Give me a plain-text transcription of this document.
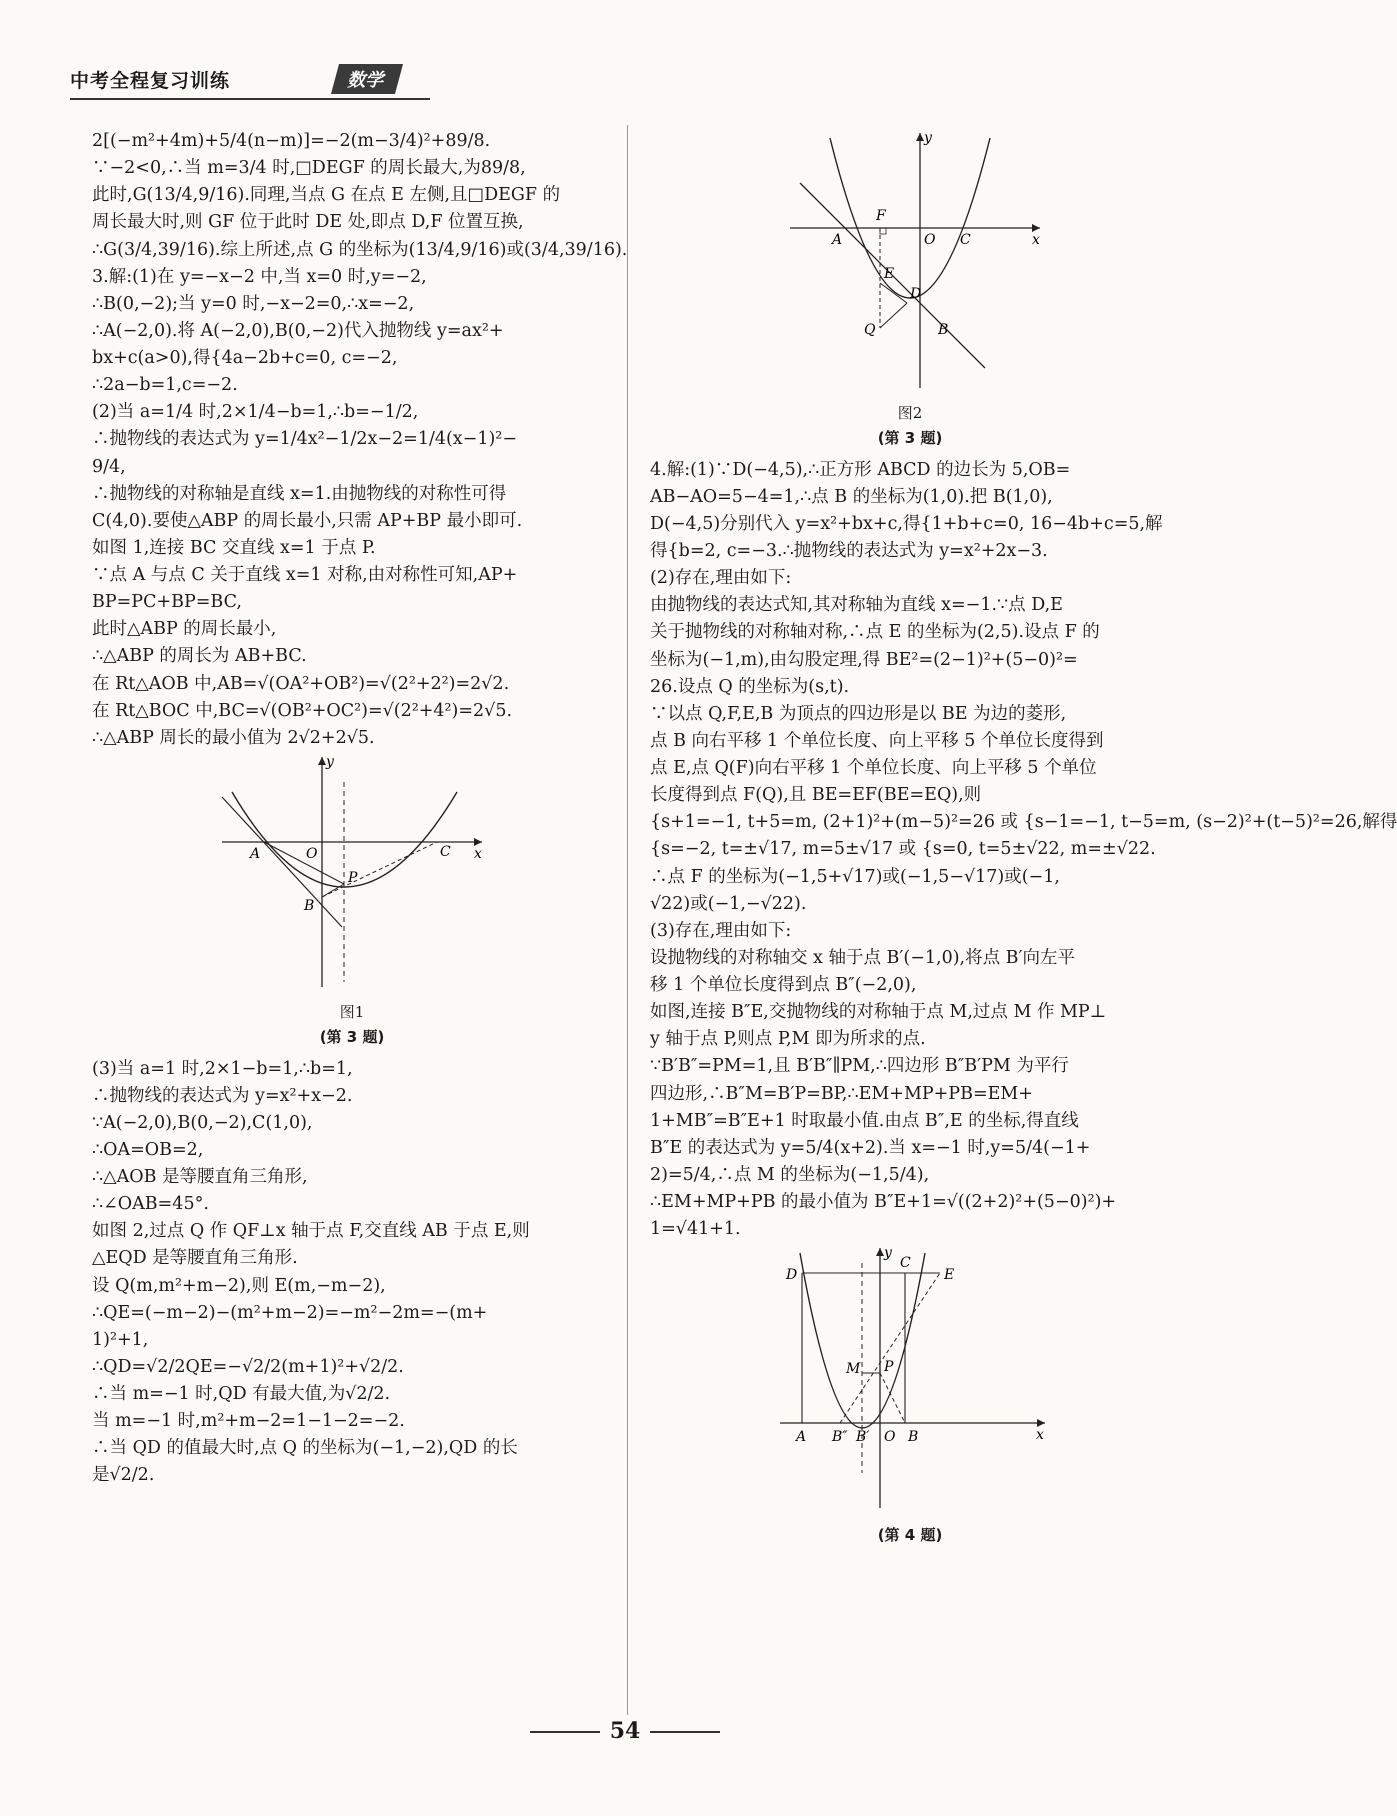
中考全程复习训练	数学
2[(−m²+4m)+5/4(n−m)]=−2(m−3/4)²+89/8.
∵−2<0,∴当 m=3/4 时,□DEGF 的周长最大,为89/8,
此时,G(13/4,9/16).同理,当点 G 在点 E 左侧,且□DEGF 的
周长最大时,则 GF 位于此时 DE 处,即点 D,F 位置互换,
∴G(3/4,39/16).综上所述,点 G 的坐标为(13/4,9/16)或(3/4,39/16).
3.解:(1)在 y=−x−2 中,当 x=0 时,y=−2,
∴B(0,−2);当 y=0 时,−x−2=0,∴x=−2,
∴A(−2,0).将 A(−2,0),B(0,−2)代入抛物线 y=ax²+
bx+c(a>0),得{4a−2b+c=0, c=−2,
∴2a−b=1,c=−2.
(2)当 a=1/4 时,2×1/4−b=1,∴b=−1/2,
∴抛物线的表达式为 y=1/4x²−1/2x−2=1/4(x−1)²−
9/4,
∴抛物线的对称轴是直线 x=1.由抛物线的对称性可得
C(4,0).要使△ABP 的周长最小,只需 AP+BP 最小即可.
如图 1,连接 BC 交直线 x=1 于点 P.
∵点 A 与点 C 关于直线 x=1 对称,由对称性可知,AP+
BP=PC+BP=BC,
此时△ABP 的周长最小,
∴△ABP 的周长为 AB+BC.
在 Rt△AOB 中,AB=√(OA²+OB²)=√(2²+2²)=2√2.
在 Rt△BOC 中,BC=√(OB²+OC²)=√(2²+4²)=2√5.
∴△ABP 周长的最小值为 2√2+2√5.
y
A	O	C x
B
P
图1
(第 3 题)
(3)当 a=1 时,2×1−b=1,∴b=1,
∴抛物线的表达式为 y=x²+x−2.
∵A(−2,0),B(0,−2),C(1,0),
∴OA=OB=2,
∴△AOB 是等腰直角三角形,
∴∠OAB=45°.
如图 2,过点 Q 作 QF⊥x 轴于点 F,交直线 AB 于点 E,则
△EQD 是等腰直角三角形.
设 Q(m,m²+m−2),则 E(m,−m−2),
∴QE=(−m−2)−(m²+m−2)=−m²−2m=−(m+
1)²+1,
∴QD=√2/2QE=−√2/2(m+1)²+√2/2.
∴当 m=−1 时,QD 有最大值,为√2/2.
当 m=−1 时,m²+m−2=1−1−2=−2.
∴当 QD 的值最大时,点 Q 的坐标为(−1,−2),QD 的长
是√2/2.
y
F
A	O C	x
E
D
Q	B
图2
(第 3 题)
4.解:(1)∵D(−4,5),∴正方形 ABCD 的边长为 5,OB=
AB−AO=5−4=1,∴点 B 的坐标为(1,0).把 B(1,0),
D(−4,5)分别代入 y=x²+bx+c,得{1+b+c=0, 16−4b+c=5,解
得{b=2, c=−3.∴抛物线的表达式为 y=x²+2x−3.
(2)存在,理由如下:
由抛物线的表达式知,其对称轴为直线 x=−1.∵点 D,E
关于抛物线的对称轴对称,∴点 E 的坐标为(2,5).设点 F 的
坐标为(−1,m),由勾股定理,得 BE²=(2−1)²+(5−0)²=
26.设点 Q 的坐标为(s,t).
∵以点 Q,F,E,B 为顶点的四边形是以 BE 为边的菱形,
点 B 向右平移 1 个单位长度、向上平移 5 个单位长度得到
点 E,点 Q(F)向右平移 1 个单位长度、向上平移 5 个单位
长度得到点 F(Q),且 BE=EF(BE=EQ),则
{s+1=−1, t+5=m, (2+1)²+(m−5)²=26 或 {s−1=−1, t−5=m, (s−2)²+(t−5)²=26,解得
{s=−2, t=±√17, m=5±√17 或 {s=0, t=5±√22, m=±√22.
∴点 F 的坐标为(−1,5+√17)或(−1,5−√17)或(−1,
√22)或(−1,−√22).
(3)存在,理由如下:
设抛物线的对称轴交 x 轴于点 B′(−1,0),将点 B′向左平
移 1 个单位长度得到点 B″(−2,0),
如图,连接 B″E,交抛物线的对称轴于点 M,过点 M 作 MP⊥
y 轴于点 P,则点 P,M 即为所求的点.
∵B′B″=PM=1,且 B′B″∥PM,∴四边形 B″B′PM 为平行
四边形,∴B″M=B′P=BP,∴EM+MP+PB=EM+
1+MB″=B″E+1 时取最小值.由点 B″,E 的坐标,得直线
B″E 的表达式为 y=5/4(x+2).当 x=−1 时,y=5/4(−1+
2)=5/4,∴点 M 的坐标为(−1,5/4),
∴EM+MP+PB 的最小值为 B″E+1=√((2+2)²+(5−0)²)+
1=√41+1.
y
C
D	E
M P
A B″ B′ O B	x
(第 4 题)
54
